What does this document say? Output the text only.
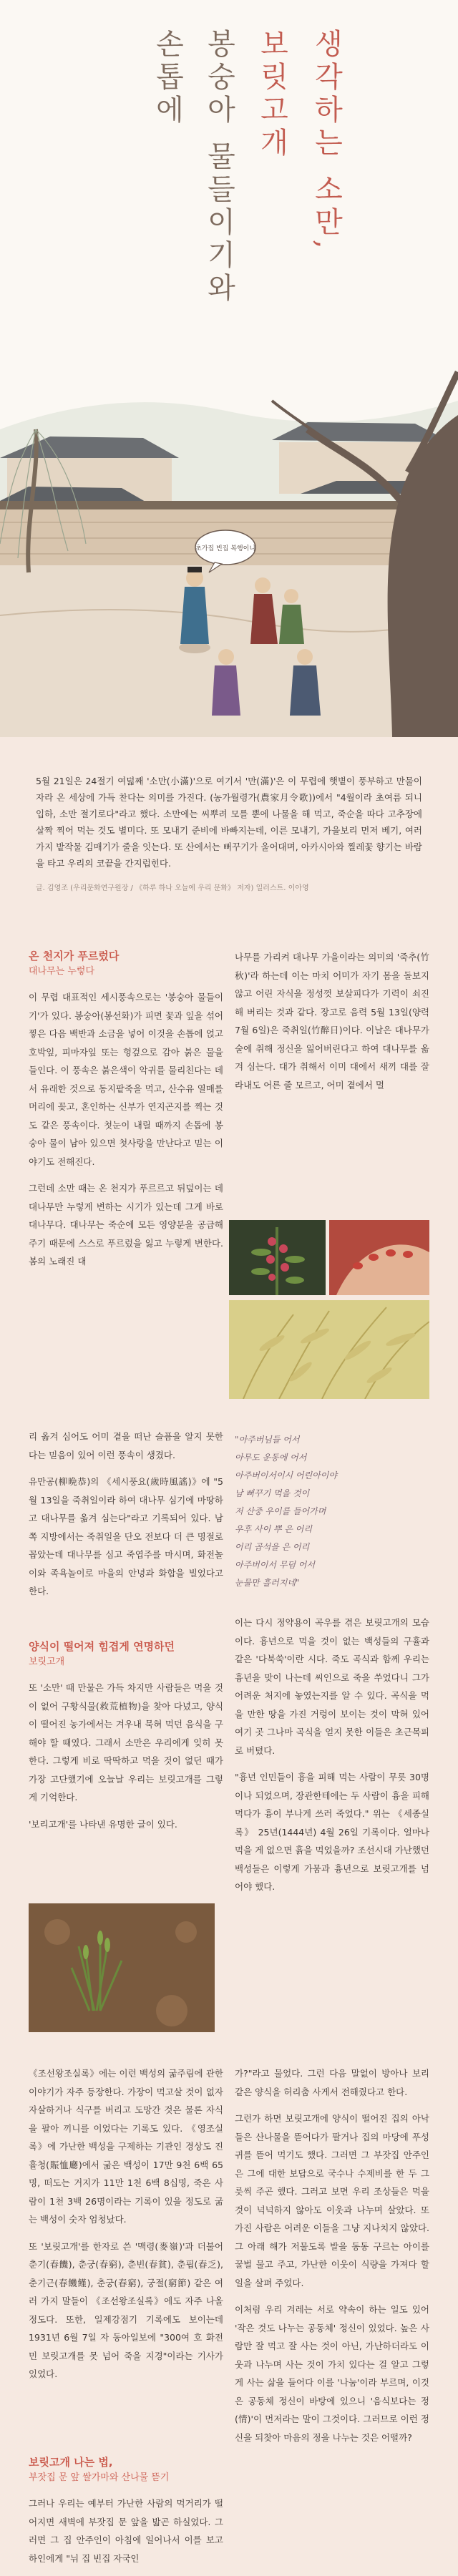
초가집 빈집 복행이니
생각하는 소만,
보릿고개
봉숭아 물들이기와
손톱에

5월 21일은 24절기 여덟째 '소만(小滿)'으로 여기서 '만(滿)'은 이 무렵에 햇볕이 풍부하고 만물이 자라 온 세상에 가득 찬다는 의미를 가진다. (농가월령가(農家月令歌))에서 "4월이라 초여름 되니 입하, 소만 절기로다"라고 했다. 소만에는 씨뿌려 모를 뿐에 나물을 해 먹고, 죽순을 따다 고추장에 살짝 찍어 먹는 것도 별미다. 또 모내기 준비에 바빠지는데, 이른 모내기, 가을보리 먼저 베기, 여러 가지 밭작물 김매기가 줄을 잇는다. 또 산에서는 뻐꾸기가 울어대며, 아카시아와 찔레꽃 향기는 바람을 타고 우리의 코끝을 간지럽힌다.

글. 김영조 (우리문화연구원장 / 《하루 하나 오늘에 우리 문화》 저자) 일러스트. 이아영
온 천지가 푸르렀다
대나무는 누렇다

이 무렵 대표적인 세시풍속으로는 '봉숭아 물들이기'가 있다. 봉숭아(봉선화)가 피면 꽃과 잎을 섞어 찧은 다음 백반과 소금을 넣어 이것을 손톱에 얹고 호박잎, 피마자잎 또는 헝겊으로 감아 붉은 물을 들인다. 이 풍속은 붉은색이 악귀를 물리친다는 데서 유래한 것으로 동지팥죽을 먹고, 산수유 열매를 머리에 꽂고, 혼인하는 신부가 연지곤지를 찍는 것도 같은 풍속이다. 첫눈이 내릴 때까지 손톱에 봉숭아 물이 남아 있으면 첫사랑을 만난다고 믿는 이야기도 전해진다.

그런데 소만 때는 온 천지가 푸르르고 뒤덮이는 데 대나무만 누렇게 변하는 시기가 있는데 그게 바로 대나무다. 대나무는 죽순에 모든 영양분을 공급해주기 때문에 스스로 푸르렀을 잃고 누렇게 변한다. 봄의 노래진 대

나무를 가리켜 대나무 가을이라는 의미의 '죽추(竹秋)'라 하는데 이는 마치 어미가 자기 몸을 돌보지 않고 어린 자식을 정성껏 보살피다가 기력이 쇠진해 버리는 것과 같다. 장고로 음력 5월 13일(양력 7월 6일)은 죽취일(竹醉日)이다. 이날은 대나무가 술에 취해 정신을 잃어버린다고 하여 대나무를 옮겨 심는다. 대가 취해서 이미 대에서 새끼 대를 잘라내도 어른 줄 모르고, 어미 곁에서 멀

리 옮겨 심어도 어미 곁을 떠난 슬픔을 알지 못한다는 믿음이 있어 이런 풍속이 생겼다.

유만공(柳晩恭)의 《세시풍요(歲時風謠)》에 "5월 13일을 죽취일이라 하여 대나무 심기에 마땅하고 대나무를 옮겨 심는다"라고 기록되어 있다. 남쪽 지방에서는 죽취일을 단오 전보다 더 큰 명절로 꼽았는데 대나무를 심고 죽엽주를 마시며, 화전놀이와 족욕놀이로 마을의 안녕과 화합을 빌었다고 한다.

"아주버님들 어서
아무도 운동에 어서
아주버이서이시 어린아이야
남 뻐꾸기 먹을 것이
저 산중 우이를 들어가며
우후 사이 뿌 은 어리
어리 곱석을 은 어리
아주버이서 무덤 어서
눈물만 흘러지네"
양식이 떨어져 힘겹게 연명하던
보릿고개

또 '소만' 때 만물은 가득 차지만 사람들은 먹을 것이 없어 구황식물(救荒植物)을 찾아 다녔고, 양식이 떨어진 농가에서는 겨우내 묵혀 먹던 음식을 구해야 할 때였다. 그래서 소만은 우리에게 잊히 못한다. 그렇게 비로 딱딱하고 먹을 것이 없던 때가 가장 고단했기에 오늘날 우리는 보릿고개를 그렇게 기억한다.

'보리고개'를 나타낸 유명한 글이 있다.

이는 다시 정약용이 곡우를 겪은 보릿고개의 모습이다. 흉년으로 먹을 것이 없는 백성들의 구휼과 같은 '다북쑥'이란 시다. 죽도 곡식과 함께 우리는 흉년을 맞이 나는데 씨인으로 죽을 쑤었다니 그가 어려운 처지에 놓였는지를 알 수 있다. 곡식을 먹을 만한 땅을 가진 거렁이 보이는 것이 막혀 있어 여기 곳 그나마 곡식을 얻지 못한 이들은 초근목피로 버텼다.

"흉년 인민들이 흉을 피해 먹는 사람이 무릇 30명이나 되었으며, 장관한테에는 두 사람이 흉을 피해 먹다가 흉이 부나게 쓰러 죽었다." 위는 《세종실록》 25년(1444년) 4월 26일 기록이다. 얼마나 먹을 게 없으면 흙을 먹었을까? 조선시대 가난했던 백성들은 이렇게 가뭄과 흉년으로 보릿고개를 넘어야 했다.

《조선왕조실록》에는 이런 백성의 굶주림에 관한 이야기가 자주 등장한다. 가장이 먹고살 것이 없자 자살하거나 식구를 버리고 도망간 것은 물론 자식을 팔아 끼니를 이었다는 기록도 있다. 《영조실록》에 가난한 백성을 구제하는 기관인 경상도 진휼청(賑恤廳)에서 굶은 백성이 17만 9천 6백 65명, 떠도는 거지가 11만 1천 6백 8십명, 죽은 사람이 1천 3백 26명이라는 기록이 있을 정도로 굶는 백성이 숫자 엄청났다.

또 '보릿고개'를 한자로 쓴 '맥령(麥嶺)'과 더불어 춘기(春饑), 춘궁(春窮), 춘빈(春貧), 춘핍(春乏), 춘기근(春饑饉), 춘궁(春窮), 궁절(窮節) 같은 여러 가지 말들이 《조선왕조실록》에도 자주 나올 정도다. 또한, 일제강점기 기록에도 보이는데 1931년 6월 7일 자 동아일보에 "300여 호 화전민 보릿고개를 못 넘어 죽을 지경"이라는 기사가 있었다.

가?"라고 물었다. 그런 다음 말없이 방아나 보리 같은 양식을 허리춤 사게서 전해줬다고 한다.

그런가 하면 보릿고개에 양식이 떨어진 집의 아낙들은 산나물을 뜯어다가 팔거나 집의 마당에 푸성귀를 뜯어 먹기도 했다. 그러면 그 부잣집 안주인은 그에 대한 보답으로 국수나 수제비를 한 두 그릇씩 주곤 했다. 그러고 보면 우리 조상들은 먹을 것이 넉넉하지 않아도 이웃과 나누며 살았다. 또 가진 사람은 어려운 이들을 그냥 지나치지 않았다. 그 아래 해가 저물도록 발을 동동 구르는 아이를 꿀벌 물고 주고, 가난한 이웃이 식량을 가져다 할 일을 살펴 주었다.

이처럼 우리 겨레는 서로 약속이 하는 일도 있어 '작은 것도 나누는 공동체' 정신이 있었다. 높은 사람만 잘 먹고 잘 사는 것이 아닌, 가난하더라도 이웃과 나누며 사는 것이 가치 있다는 걸 알고 그렇게 사는 삶을 들어다 이를 '나눔'이라 부르며, 이것은 공동체 정신이 바탕에 있으니 '음식보다는 정(情)'이 먼저라는 말이 그것이다. 그러므로 이런 정신을 되찾아 마음의 정을 나누는 것은 어떨까?

보릿고개 나는 법,
부잣집 문 앞 쌀가마와 산나물 뜯기

그러나 우리는 예부터 가난한 사람의 먹거리가 떨어지면 새벽에 부잣집 문 앞을 밟곤 하실었다. 그러면 그 집 안주인이 아침에 일어나서 이를 보고 하인에게 "뉘 집 빈집 자국인
